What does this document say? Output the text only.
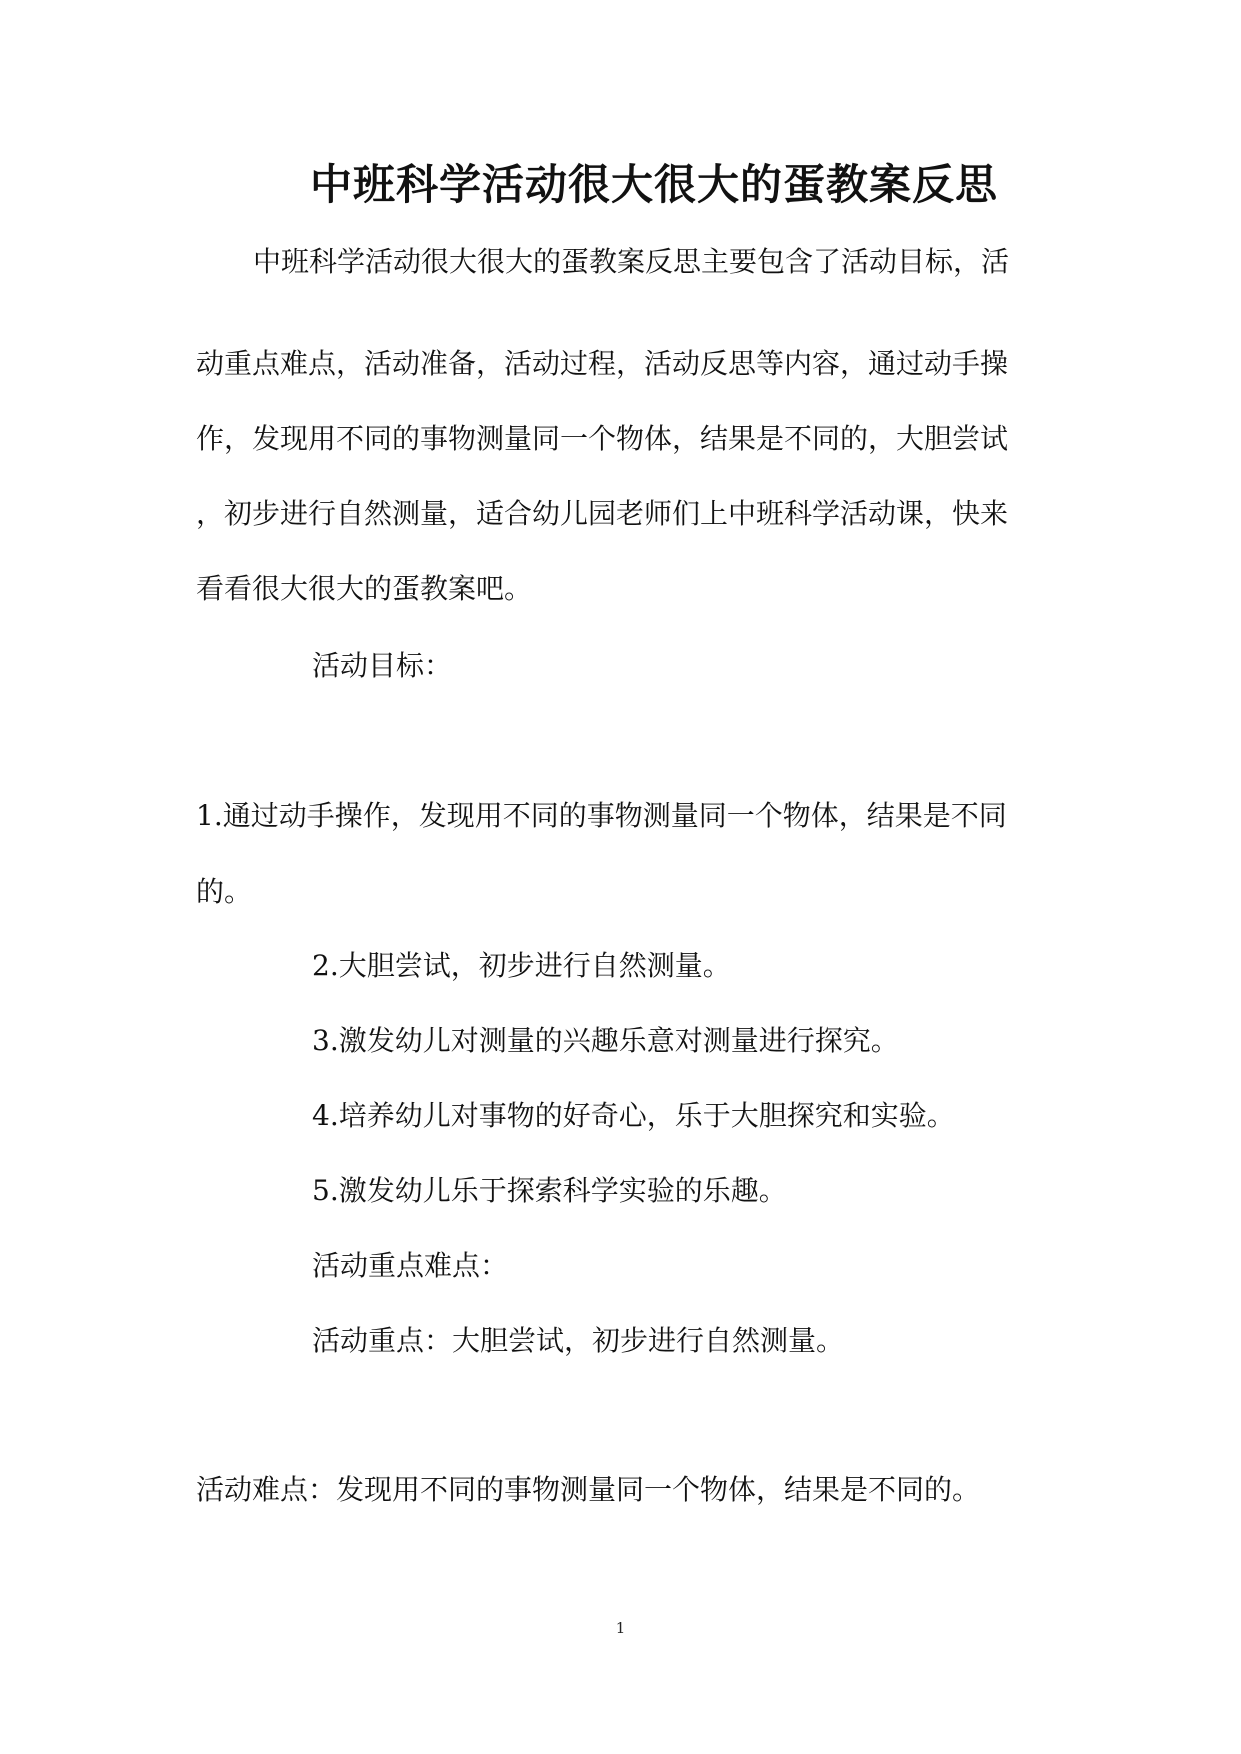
中班科学活动很大很大的蛋教案反思

中班科学活动很大很大的蛋教案反思主要包含了活动目标，活

动重点难点，活动准备，活动过程，活动反思等内容，通过动手操

作，发现用不同的事物测量同一个物体，结果是不同的，大胆尝试

，初步进行自然测量，适合幼儿园老师们上中班科学活动课，快来

看看很大很大的蛋教案吧。

活动目标：

1.通过动手操作，发现用不同的事物测量同一个物体，结果是不同

的。

2.大胆尝试，初步进行自然测量。

3.激发幼儿对测量的兴趣乐意对测量进行探究。

4.培养幼儿对事物的好奇心，乐于大胆探究和实验。

5.激发幼儿乐于探索科学实验的乐趣。

活动重点难点：

活动重点：大胆尝试，初步进行自然测量。

活动难点：发现用不同的事物测量同一个物体，结果是不同的。

1
